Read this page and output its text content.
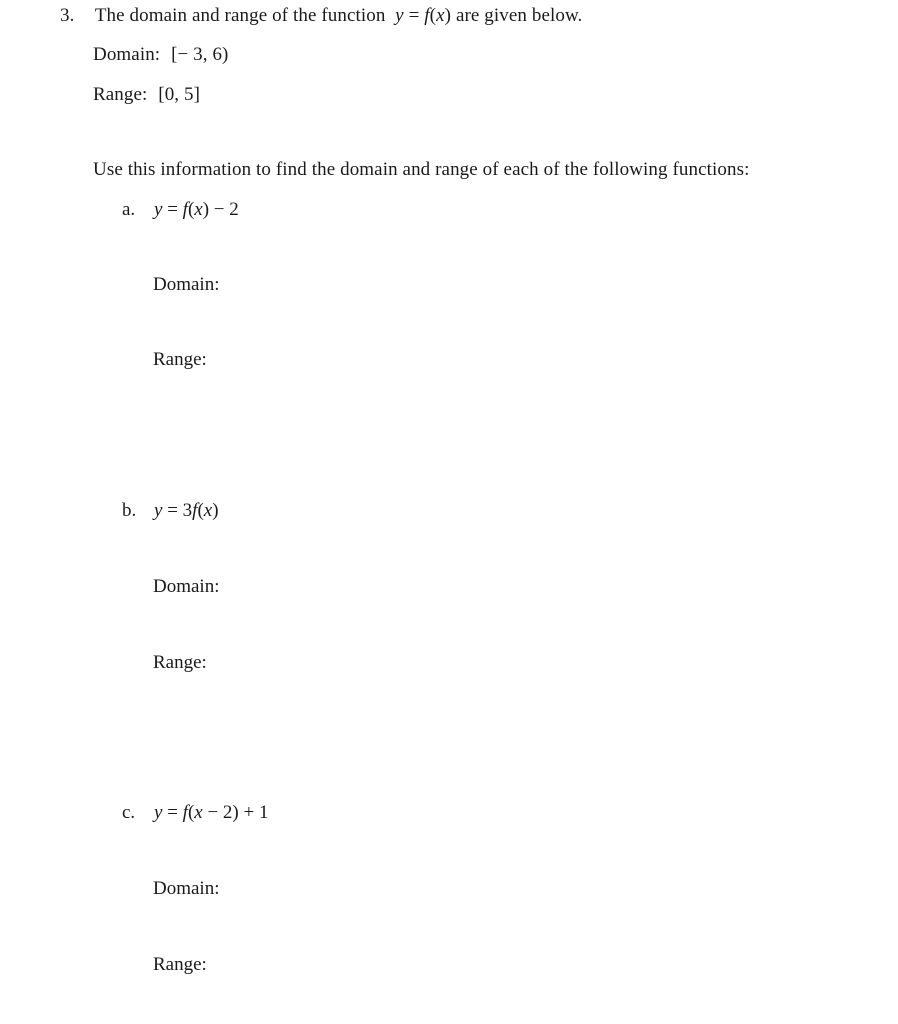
3. The domain and range of the function y = f(x) are given below.
Domain: [− 3, 6)
Range: [0, 5]
Use this information to find the domain and range of each of the following functions:
a. y = f(x) − 2
Domain:
Range:
b. y = 3f(x)
Domain:
Range:
c. y = f(x − 2) + 1
Domain:
Range:
